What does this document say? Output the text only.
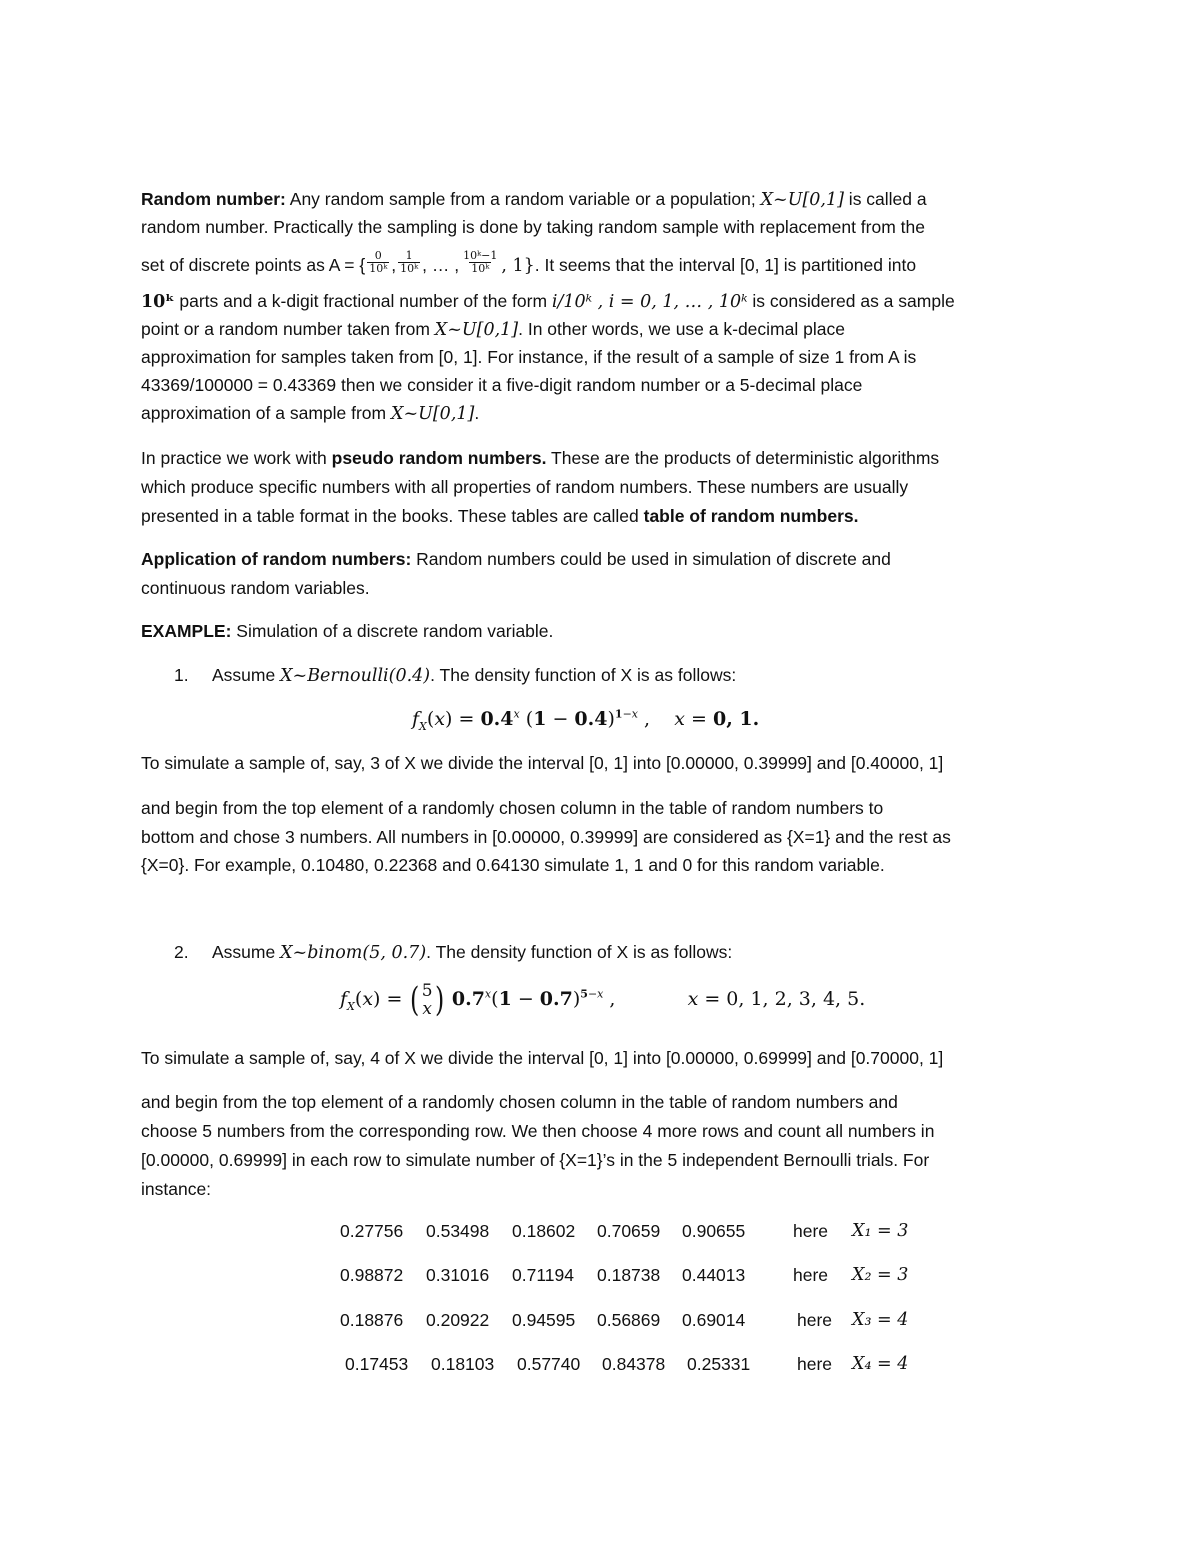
Random number: Any random sample from a random variable or a population; X~U[0,1] is called a
random number. Practically the sampling is done by taking random sample with replacement from the
set of discrete points as A = { $\frac{0}{\text{10ᵏ}}$ , $\frac{1}{\text{10ᵏ}}$ , … , $\frac{\text{10ᵏ−1}}{\text{10ᵏ}}$ , 1}. It seems that the interval [0, 1] is partitioned into
10ᵏ parts and a k-digit fractional number of the form i/10ᵏ , i = 0, 1, … , 10ᵏ is considered as a sample
point or a random number taken from X~U[0,1]. In other words, we use a k-decimal place
approximation for samples taken from [0, 1]. For instance, if the result of a sample of size 1 from A is
43369/100000 = 0.43369 then we consider it a five-digit random number or a 5-decimal place
approximation of a sample from X~U[0,1].
In practice we work with pseudo random numbers. These are the products of deterministic algorithms
which produce specific numbers with all properties of random numbers. These numbers are usually
presented in a table format in the books. These tables are called table of random numbers.
Application of random numbers: Random numbers could be used in simulation of discrete and
continuous random variables.
EXAMPLE: Simulation of a discrete random variable.
1. Assume X~Bernoulli(0.4). The density function of X is as follows:
$f_X(x) = 0.4^x$ $(1 - 0.4)^{1-x}$ ,    x = 0, 1.
To simulate a sample of, say, 3 of X we divide the interval [0, 1] into [0.00000, 0.39999] and [0.40000, 1]
and begin from the top element of a randomly chosen column in the table of random numbers to
bottom and chose 3 numbers. All numbers in [0.00000, 0.39999] are considered as {X=1} and the rest as
{X=0}. For example, 0.10480, 0.22368 and 0.64130 simulate 1, 1 and 0 for this random variable.
2. Assume X~binom(5, 0.7). The density function of X is as follows:
$f_X(x)$ = ( 5
x ) $0.7^x(1 - 0.7)^{5-x}$ ,	x = 0, 1, 2, 3, 4, 5.
To simulate a sample of, say, 4 of X we divide the interval [0, 1] into [0.00000, 0.69999] and [0.70000, 1]
and begin from the top element of a randomly chosen column in the table of random numbers and
choose 5 numbers from the corresponding row. We then choose 4 more rows and count all numbers in
[0.00000, 0.69999] in each row to simulate number of {X=1}’s in the 5 independent Bernoulli trials. For
instance:
0.27756 0.53498 0.18602 0.70659 0.90655	here X₁ = 3
0.98872 0.31016 0.71194 0.18738 0.44013	here X₂ = 3
0.18876 0.20922 0.94595 0.56869 0.69014	here X₃ = 4
0.17453 0.18103 0.57740 0.84378 0.25331	here X₄ = 4
